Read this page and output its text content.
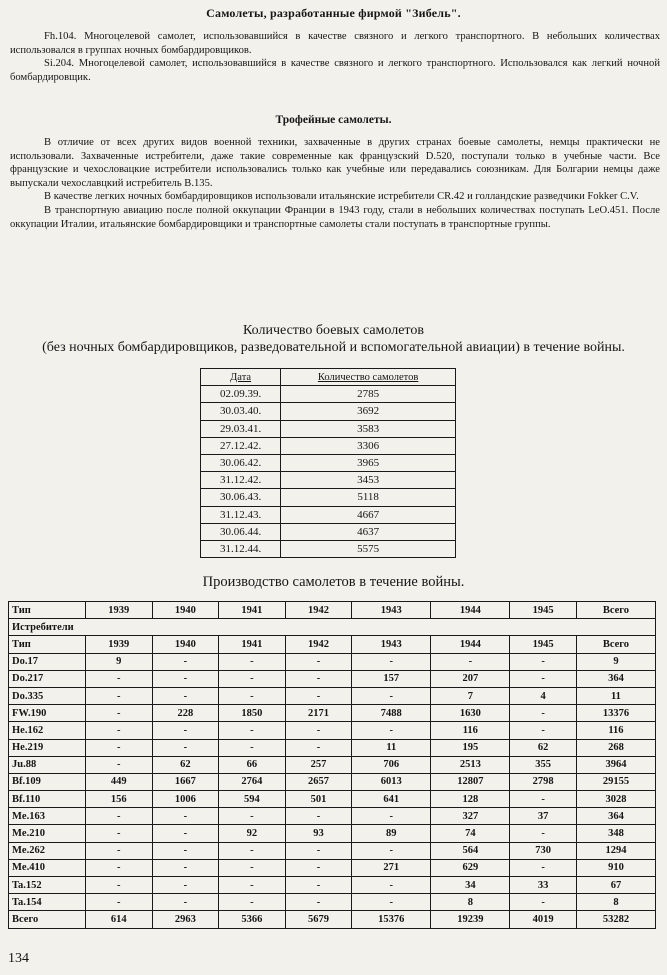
Самолеты, разработанные фирмой "Зибель".

Fh.104. Многоцелевой самолет, использовавшийся в качестве связного и легкого транспортного. В небольших количествах использовался в группах ночных бомбардировщиков.

Si.204. Многоцелевой самолет, использовавшийся в качестве связного и легкого транспортного. Использовался как легкий ночной бомбардировщик.

Трофейные самолеты.

В отличие от всех других видов военной техники, захваченные в других странах боевые самолеты, немцы практически не использовали. Захваченные истребители, даже такие современные как французский D.520, поступали только в учебные части. Все французские и чехословацкие истребители использовались только как учебные или передавались союзникам. Для Болгарии немцы даже выпускали чехославцкий истребитель B.135.

В качестве легких ночных бомбардировщиков использовали итальянские истребители CR.42 и голландские разведчики Fokker C.V.

В транспортную авиацию после полной оккупации Франции в 1943 году, стали в небольших количествах поступать LeO.451. После оккупации Италии, итальянские бомбардировщики и транспортные самолеты стали поступать в транспортные группы.

Количество боевых самолетов
(без ночных бомбардировщиков, разведовательной и вспомогательной авиации) в течение войны.
Дата	Количество самолетов
02.09.39.	2785
30.03.40.	3692
29.03.41.	3583
27.12.42.	3306
30.06.42.	3965
31.12.42.	3453
30.06.43.	5118
31.12.43.	4667
30.06.44.	4637
31.12.44.	5575
Производство самолетов в течение войны.
Тип	1939	1940	1941	1942	1943	1944	1945	Всего
Истребители								
Тип	1939	1940	1941	1942	1943	1944	1945	Всего
Do.17	9	-	-	-	-	-	-	9
Do.217	-	-	-	-	157	207	-	364
Do.335	-	-	-	-	-	7	4	11
FW.190	-	228	1850	2171	7488	1630	-	13376
He.162	-	-	-	-	-	116	-	116
He.219	-	-	-	-	11	195	62	268
Ju.88	-	62	66	257	706	2513	355	3964
Bf.109	449	1667	2764	2657	6013	12807	2798	29155
Bf.110	156	1006	594	501	641	128	-	3028
Me.163	-	-	-	-	-	327	37	364
Me.210	-	-	92	93	89	74	-	348
Me.262	-	-	-	-	-	564	730	1294
Me.410	-	-	-	-	271	629	-	910
Ta.152	-	-	-	-	-	34	33	67
Ta.154	-	-	-	-	-	8	-	8
Всего	614	2963	5366	5679	15376	19239	4019	53282
134
